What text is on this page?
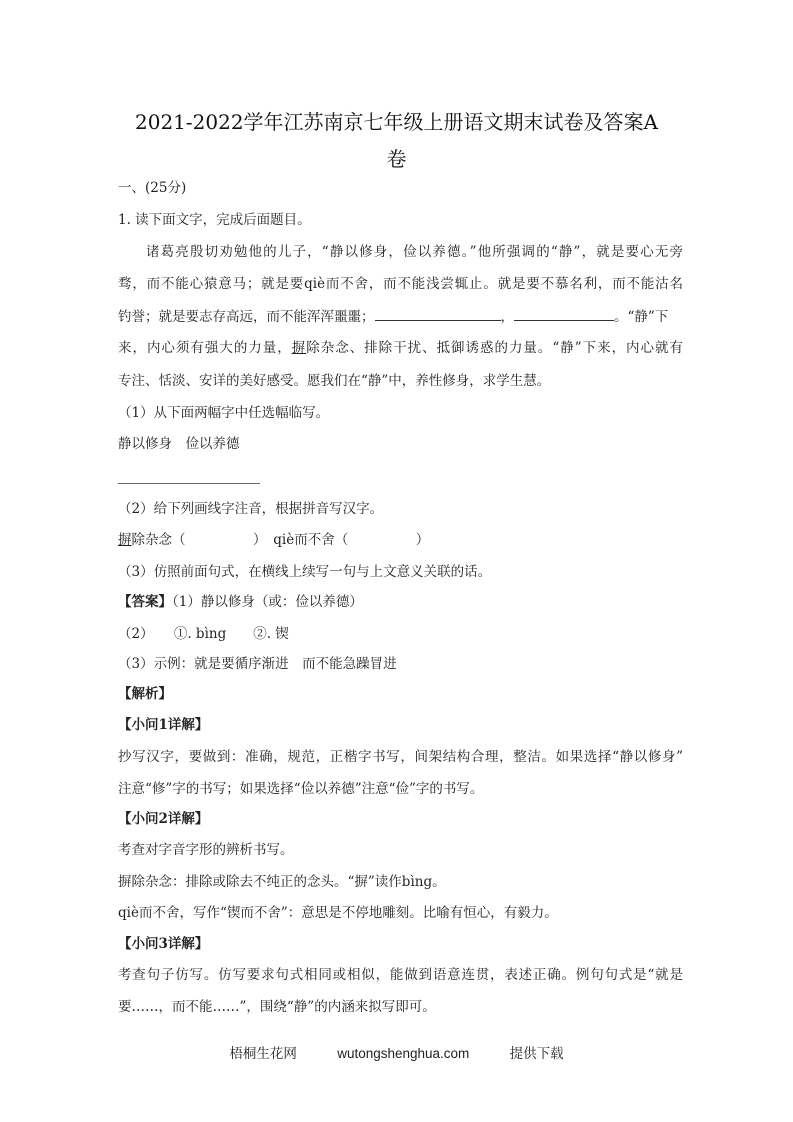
2021-2022学年江苏南京七年级上册语文期末试卷及答案A
卷
一、(25分)
1. 读下面文字，完成后面题目。
诸葛亮殷切劝勉他的儿子，“静以修身，俭以养德。”他所强调的“静”，就是要心无旁
骛，而不能心猿意马；就是要qiè而不舍，而不能浅尝辄止。就是要不慕名利，而不能沽名
钓誉；就是要志存高远，而不能浑浑噩噩；	，	。“静”下
来，内心须有强大的力量，摒除杂念、排除干扰、抵御诱惑的力量。“静”下来，内心就有
专注、恬淡、安详的美好感受。愿我们在“静”中，养性修身，求学生慧。
（1）从下面两幅字中任选幅临写。
静以修身　俭以养德
（2）给下列画线字注音，根据拼音写汉字。
摒除杂念（　　　　　）　qiè而不舍（　　　　　）
（3）仿照前面句式，在横线上续写一句与上文意义关联的话。
【答案】（1）静以修身（或：俭以养德）
（2）　　①. bìng　　②. 锲
（3）示例：就是要循序渐进　而不能急躁冒进
【解析】
【小问1详解】
抄写汉字，要做到：准确，规范，正楷字书写，间架结构合理，整洁。如果选择“静以修身”
注意“修”字的书写；如果选择“俭以养德”注意“俭”字的书写。
【小问2详解】
考查对字音字形的辨析书写。
摒除杂念：排除或除去不纯正的念头。“摒”读作bìng。
qiè而不舍，写作“锲而不舍”：意思是不停地雕刻。比喻有恒心，有毅力。
【小问3详解】
考查句子仿写。仿写要求句式相同或相似，能做到语意连贯，表述正确。例句句式是“就是
要……，而不能……”，围绕“静”的内涵来拟写即可。
梧桐生花网	wutongshenghua.com	提供下载
